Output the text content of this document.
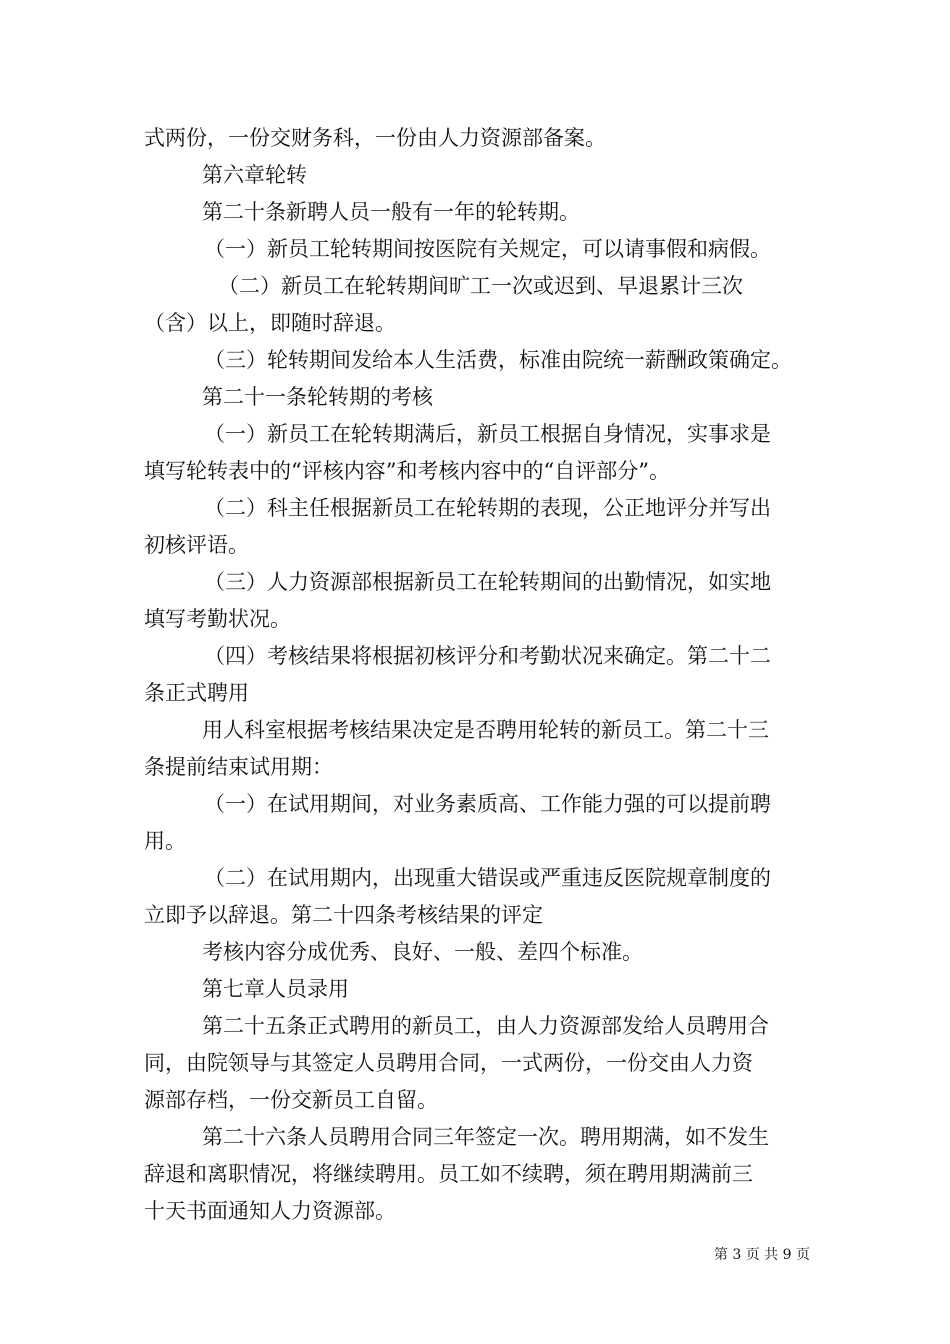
式两份，一份交财务科，一份由人力资源部备案。
第六章轮转
第二十条新聘人员一般有一年的轮转期。
（一）新员工轮转期间按医院有关规定，可以请事假和病假。
（二）新员工在轮转期间旷工一次或迟到、早退累计三次
（含）以上，即随时辞退。
（三）轮转期间发给本人生活费，标准由院统一薪酬政策确定。
第二十一条轮转期的考核
（一）新员工在轮转期满后，新员工根据自身情况，实事求是
填写轮转表中的“评核内容”和考核内容中的“自评部分”。
（二）科主任根据新员工在轮转期的表现，公正地评分并写出
初核评语。
（三）人力资源部根据新员工在轮转期间的出勤情况，如实地
填写考勤状况。
（四）考核结果将根据初核评分和考勤状况来确定。第二十二
条正式聘用
用人科室根据考核结果决定是否聘用轮转的新员工。第二十三
条提前结束试用期：
（一）在试用期间，对业务素质高、工作能力强的可以提前聘
用。
（二）在试用期内，出现重大错误或严重违反医院规章制度的
立即予以辞退。第二十四条考核结果的评定
考核内容分成优秀、良好、一般、差四个标准。
第七章人员录用
第二十五条正式聘用的新员工，由人力资源部发给人员聘用合
同，由院领导与其签定人员聘用合同，一式两份，一份交由人力资
源部存档，一份交新员工自留。
第二十六条人员聘用合同三年签定一次。聘用期满，如不发生
辞退和离职情况，将继续聘用。员工如不续聘，须在聘用期满前三
十天书面通知人力资源部。
第 3 页 共 9 页
